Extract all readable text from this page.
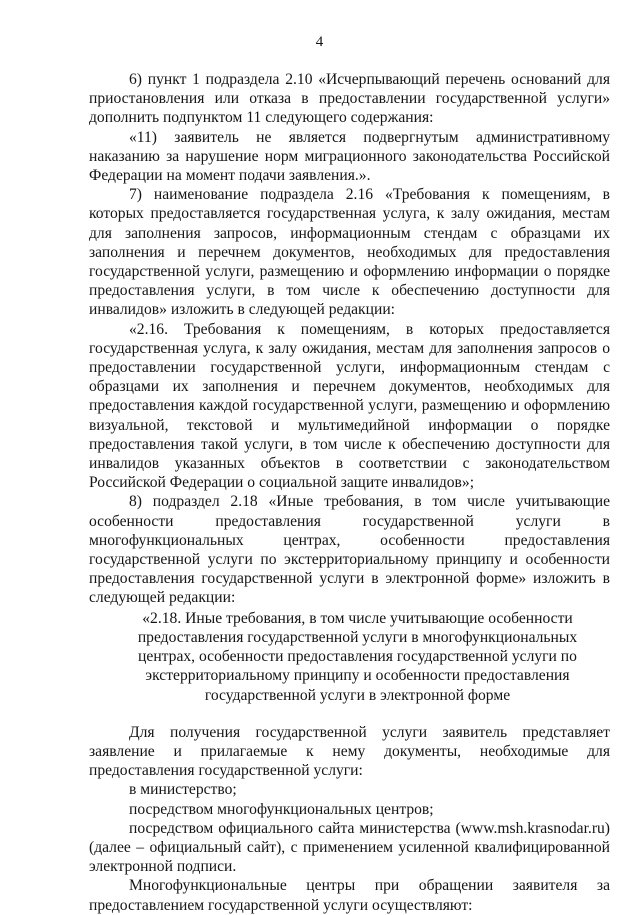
4

6) пункт 1 подраздела 2.10 «Исчерпывающий перечень оснований для приостановления или отказа в предоставлении государственной услуги» дополнить подпунктом 11 следующего содержания:

«11) заявитель не является подвергнутым административному наказанию за нарушение норм миграционного законодательства Российской Федерации на момент подачи заявления.».

7) наименование подраздела 2.16 «Требования к помещениям, в которых предоставляется государственная услуга, к залу ожидания, местам для заполнения запросов, информационным стендам с образцами их заполнения и перечнем документов, необходимых для предоставления государственной услуги, размещению и оформлению информации о порядке предоставления услуги, в том числе к обеспечению доступности для инвалидов» изложить в следующей редакции:

«2.16. Требования к помещениям, в которых предоставляется государственная услуга, к залу ожидания, местам для заполнения запросов о предоставлении государственной услуги, информационным стендам с образцами их заполнения и перечнем документов, необходимых для предоставления каждой государственной услуги, размещению и оформлению визуальной, текстовой и мультимедийной информации о порядке предоставления такой услуги, в том числе к обеспечению доступности для инвалидов указанных объектов в соответствии с законодательством Российской Федерации о социальной защите инвалидов»;

8) подраздел 2.18 «Иные требования, в том числе учитывающие особенности предоставления государственной услуги в многофункциональных центрах, особенности предоставления государственной услуги по экстерриториальному принципу и особенности предоставления государственной услуги в электронной форме» изложить в следующей редакции:

«2.18. Иные требования, в том числе учитывающие особенности предоставления государственной услуги в многофункциональных центрах, особенности предоставления государственной услуги по экстерриториальному принципу и особенности предоставления государственной услуги в электронной форме

Для получения государственной услуги заявитель представляет заявление и прилагаемые к нему документы, необходимые для предоставления государственной услуги:

в министерство;

посредством многофункциональных центров;

посредством официального сайта министерства (www.msh.krasnodar.ru) (далее – официальный сайт), с применением усиленной квалифицированной электронной подписи.

Многофункциональные центры при обращении заявителя за предоставлением государственной услуги осуществляют:
